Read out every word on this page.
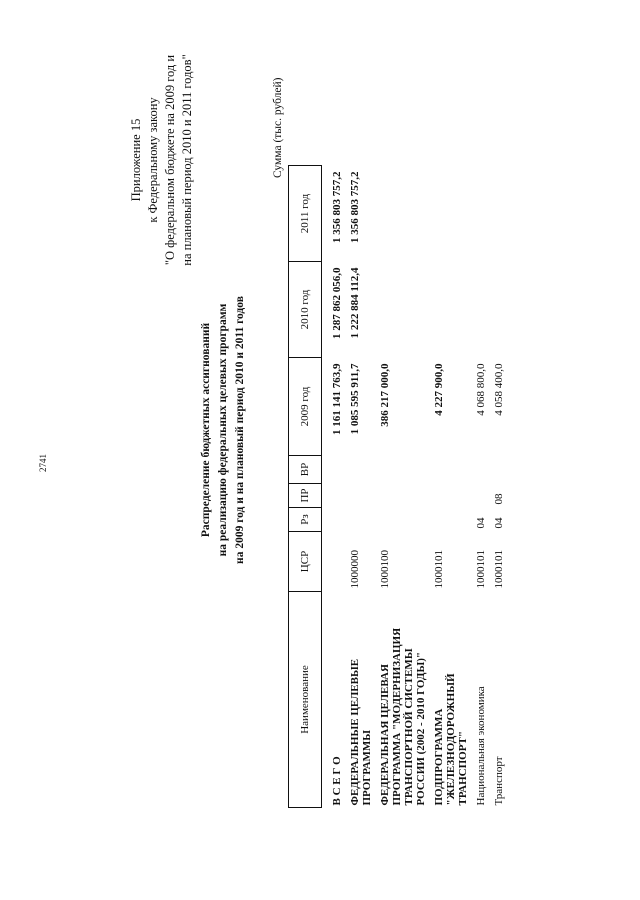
2741
Приложение 15 к Федеральному закону "О федеральном бюджете на 2009 год и на плановый период 2010 и 2011 годов"
Распределение бюджетных ассигнований на реализацию федеральных целевых программ на 2009 год и на плановый период 2010 и 2011 годов
Сумма (тыс. рублей)
Наименование	ЦСР	Рз	ПР	ВР	2009 год	2010 год	2011 год

В С Е Г О					1 161 141 763,9	1 287 862 056,0	1 356 803 757,2
ФЕДЕРАЛЬНЫЕ ЦЕЛЕВЫЕ ПРОГРАММЫ	1000000				1 085 595 911,7	1 222 884 112,4	1 356 803 757,2
ФЕДЕРАЛЬНАЯ ЦЕЛЕВАЯ ПРОГРАММА "МОДЕРНИЗАЦИЯ ТРАНСПОРТНОЙ СИСТЕМЫ РОССИИ (2002 - 2010 ГОДЫ)"	1000100				386 217 000,0		
ПОДПРОГРАММА "ЖЕЛЕЗНОДОРОЖНЫЙ ТРАНСПОРТ"	1000101				4 227 900,0		
Национальная экономика	1000101	04			4 068 800,0		
Транспорт	1000101	04	08		4 058 400,0		
